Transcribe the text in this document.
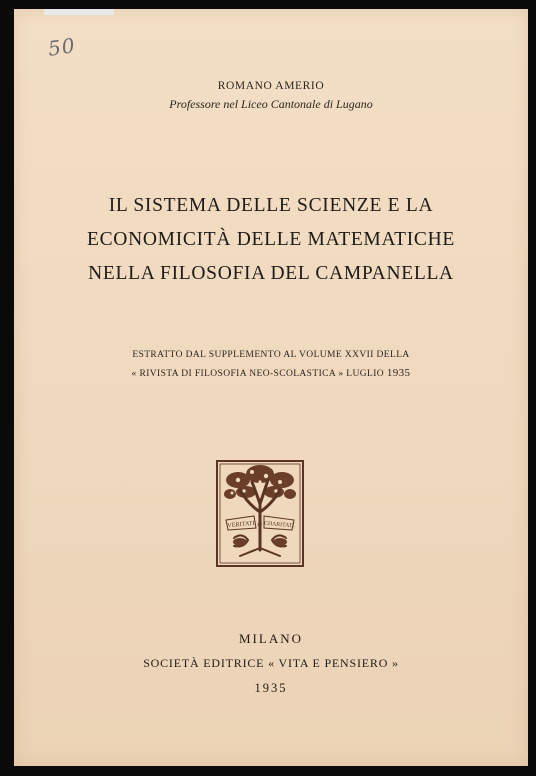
50
ROMANO AMERIO
Professore nel Liceo Cantonale di Lugano
IL SISTEMA DELLE SCIENZE E LA
ECONOMICITÀ DELLE MATEMATICHE
NELLA FILOSOFIA DEL CAMPANELLA
ESTRATTO DAL SUPPLEMENTO AL VOLUME XXVII DELLA
« RIVISTA DI FILOSOFIA NEO-SCOLASTICA » LUGLIO 1935
VERITATI ET CHARITATI
MILANO
SOCIETÀ EDITRICE « VITA E PENSIERO »
1935
